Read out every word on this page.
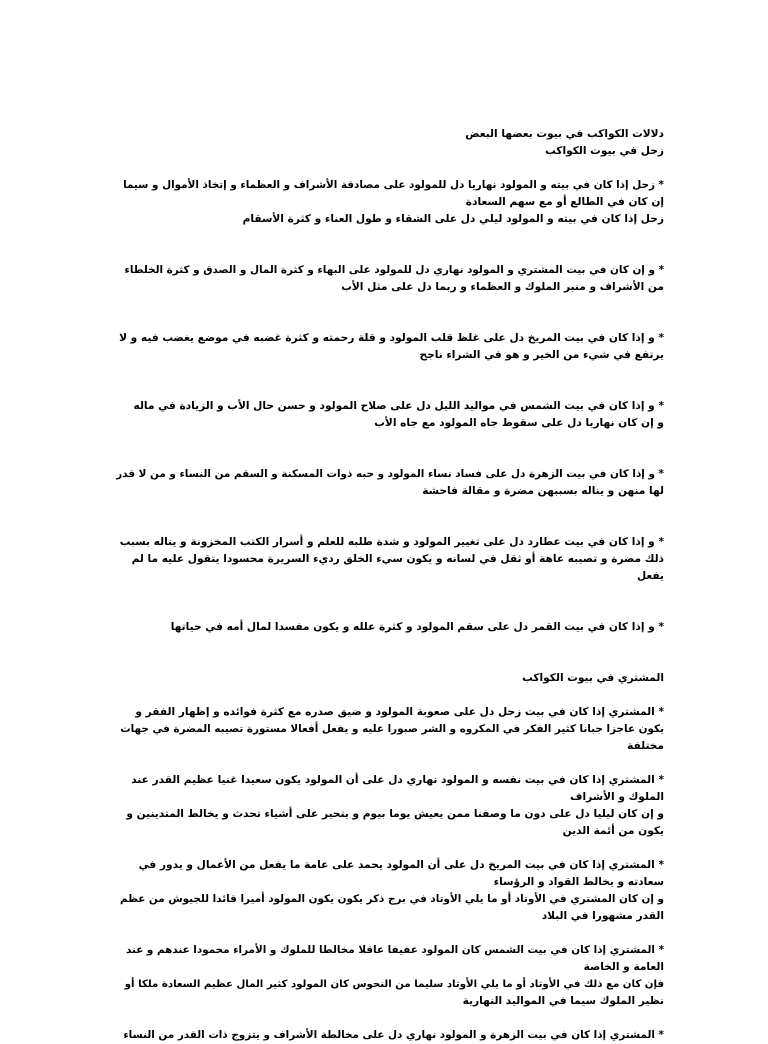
دلالات الكواكب في بيوت بعضها البعض
زحل في بيوت الكواكب
* زحل إذا كان في بيته و المولود نهاريا دل للمولود على مصادقة الأشراف و العظماء و إتخاذ الأموال و سيما
إن كان في الطالع أو مع سهم السعادة
زحل إذا كان في بيته و المولود ليلي دل على الشقاء و طول العناء و كثرة الأسقام
* و إن كان في بيت المشتري و المولود نهاري دل للمولود على البهاء و كثرة المال و الصدق و كثرة الخلطاء
من الأشراف و منبر الملوك و العظماء و ربما دل على مثل الأب
* و إذا كان في بيت المريخ دل على غلظ قلب المولود و قلة رحمته و كثرة غضبه في موضع يغضب فيه و لا
يرتفع في شيء من الخير و هو في الشراء ناجح
* و إذا كان في بيت الشمس في مواليد الليل دل على صلاح المولود و حسن حال الأب و الزيادة في ماله
و إن كان نهاريا دل على سقوط جاه المولود مع جاه الأب
* و إذا كان في بيت الزهرة دل على فساد نساء المولود و حبه ذوات المسكنة و السقم من النساء و من لا قدر
لها منهن و يناله بسببهن مضرة و مقالة فاحشة
* و إذا كان في بيت عطارد دل على تغيير المولود و شدة طلبه للعلم و أسرار الكتب المخزونة و يناله بسبب
ذلك مضرة و تصيبه عاهة أو ثقل في لسانه و يكون سيء الخلق رديء السريرة محسودا يتقول عليه ما لم
يفعل
* و إذا كان في بيت القمر دل على سقم المولود و كثرة علله و يكون مفسدا لمال أمه في حياتها
المشتري في بيوت الكواكب
* المشتري إذا كان في بيت زحل دل على صعوبة المولود و ضيق صدره مع كثرة فوائده و إظهار الفقر و
يكون عاجزا جبانا كثير الفكر في المكروه و الشر صبورا عليه و يفعل أفعالا مستورة تصيبه المضرة في جهات
مختلفة
* المشتري إذا كان في بيت نفسه و المولود نهاري دل على أن المولود يكون سعيدا غنيا عظيم القدر عند
الملوك و الأشراف
و إن كان ليليا دل على دون ما وصفنا ممن يعيش يوما بيوم و يتحير على أشياء تحدث و يخالط المتدينين و
يكون من أئمة الدين
* المشتري إذا كان في بيت المريخ دل على أن المولود يحمد على عامة ما يفعل من الأعمال و يدور في
سعادته و يخالط القواد و الرؤساء
و إن كان المشتري في الأوتاد أو ما يلي الأوتاد في برج ذكر يكون يكون المولود أميرا قائدا للجيوش من عظم
القدر مشهورا في البلاد
* المشتري إذا كان في بيت الشمس كان المولود عفيفا عاقلا مخالطا للملوك و الأمراء محمودا عندهم و عند
العامة و الخاصة
فإن كان مع ذلك في الأوتاد أو ما يلي الأوتاد سليما من النحوس كان المولود كثير المال عظيم السعادة ملكا أو
نظير الملوك سيما في المواليد النهارية
* المشتري إذا كان في بيت الزهرة و المولود نهاري دل على مخالطة الأشراف و يتزوج ذات القدر من النساء
